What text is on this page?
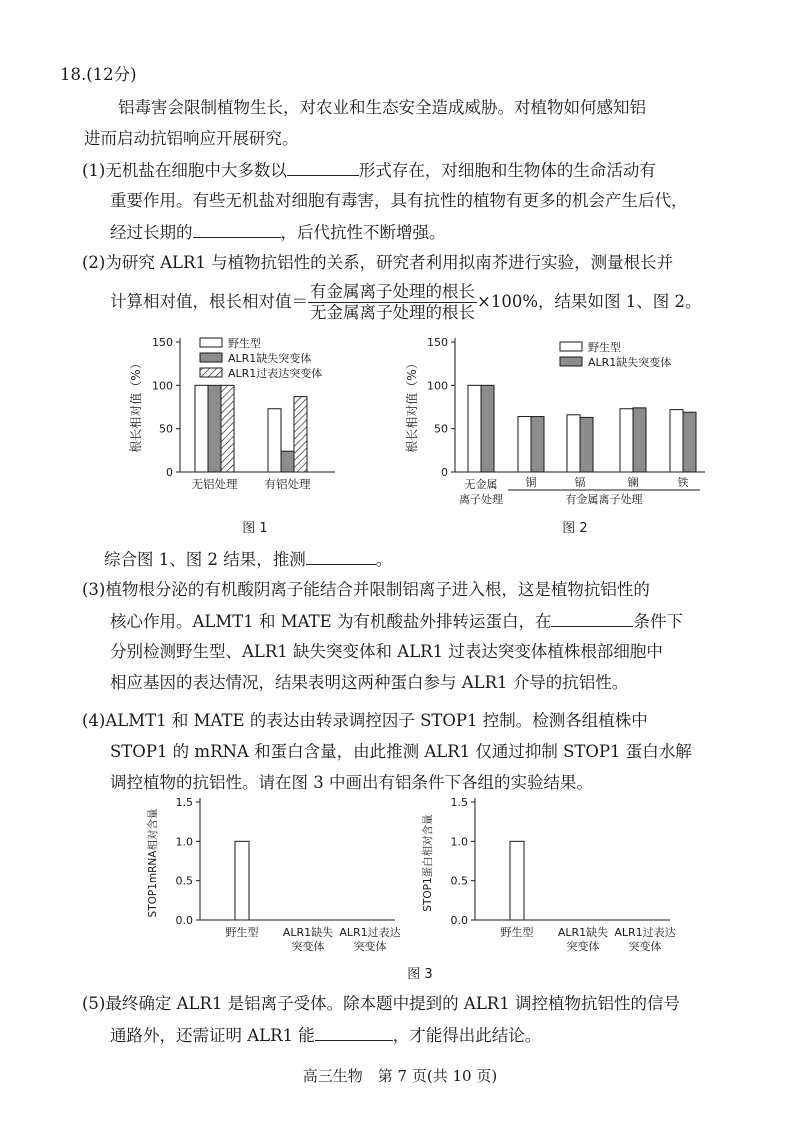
18.(12分)
铝毒害会限制植物生长，对农业和生态安全造成威胁。对植物如何感知铝
进而启动抗铝响应开展研究。
(1)无机盐在细胞中大多数以	形式存在，对细胞和生物体的生命活动有
重要作用。有些无机盐对细胞有毒害，具有抗性的植物有更多的机会产生后代，
经过长期的	，后代抗性不断增强。
(2)为研究 ALR1 与植物抗铝性的关系，研究者利用拟南芥进行实验，测量根长并
计算相对值，根长相对值＝ $\frac{\text{有金属离子处理的根长}}{\text{无金属离子处理的根长}} \times 100\%$，结果如图 1、图 2。
0
50
100
150
根长相对值（%）
无铝处理 有铝处理
野生型
ALR1缺失突变体
ALR1过表达突变体
图 1
0
50
100
150
根长相对值（%）
无金属
离子处理
铜	镉	镧	铁
有金属离子处理
野生型
ALR1缺失突变体
图 2
综合图 1、图 2 结果，推测	。
(3)植物根分泌的有机酸阴离子能结合并限制铝离子进入根，这是植物抗铝性的
核心作用。ALMT1 和 MATE 为有机酸盐外排转运蛋白，在	条件下
分别检测野生型、ALR1 缺失突变体和 ALR1 过表达突变体植株根部细胞中
相应基因的表达情况，结果表明这两种蛋白参与 ALR1 介导的抗铝性。
(4)ALMT1 和 MATE 的表达由转录调控因子 STOP1 控制。检测各组植株中
STOP1 的 mRNA 和蛋白含量，由此推测 ALR1 仅通过抑制 STOP1 蛋白水解
调控植物的抗铝性。请在图 3 中画出有铝条件下各组的实验结果。
0.0
0.5
1.0
1.5
STOP1mRNA相对含量
野生型 ALR1缺失
突变体
ALR1过表达
突变体
0.0
0.5
1.0
1.5
STOP1蛋白相对含量
野生型 ALR1缺失
突变体
ALR1过表达
突变体
图 3
(5)最终确定 ALR1 是铝离子受体。除本题中提到的 ALR1 调控植物抗铝性的信号
通路外，还需证明 ALR1 能	，才能得出此结论。
高三生物　第 7 页(共 10 页)
